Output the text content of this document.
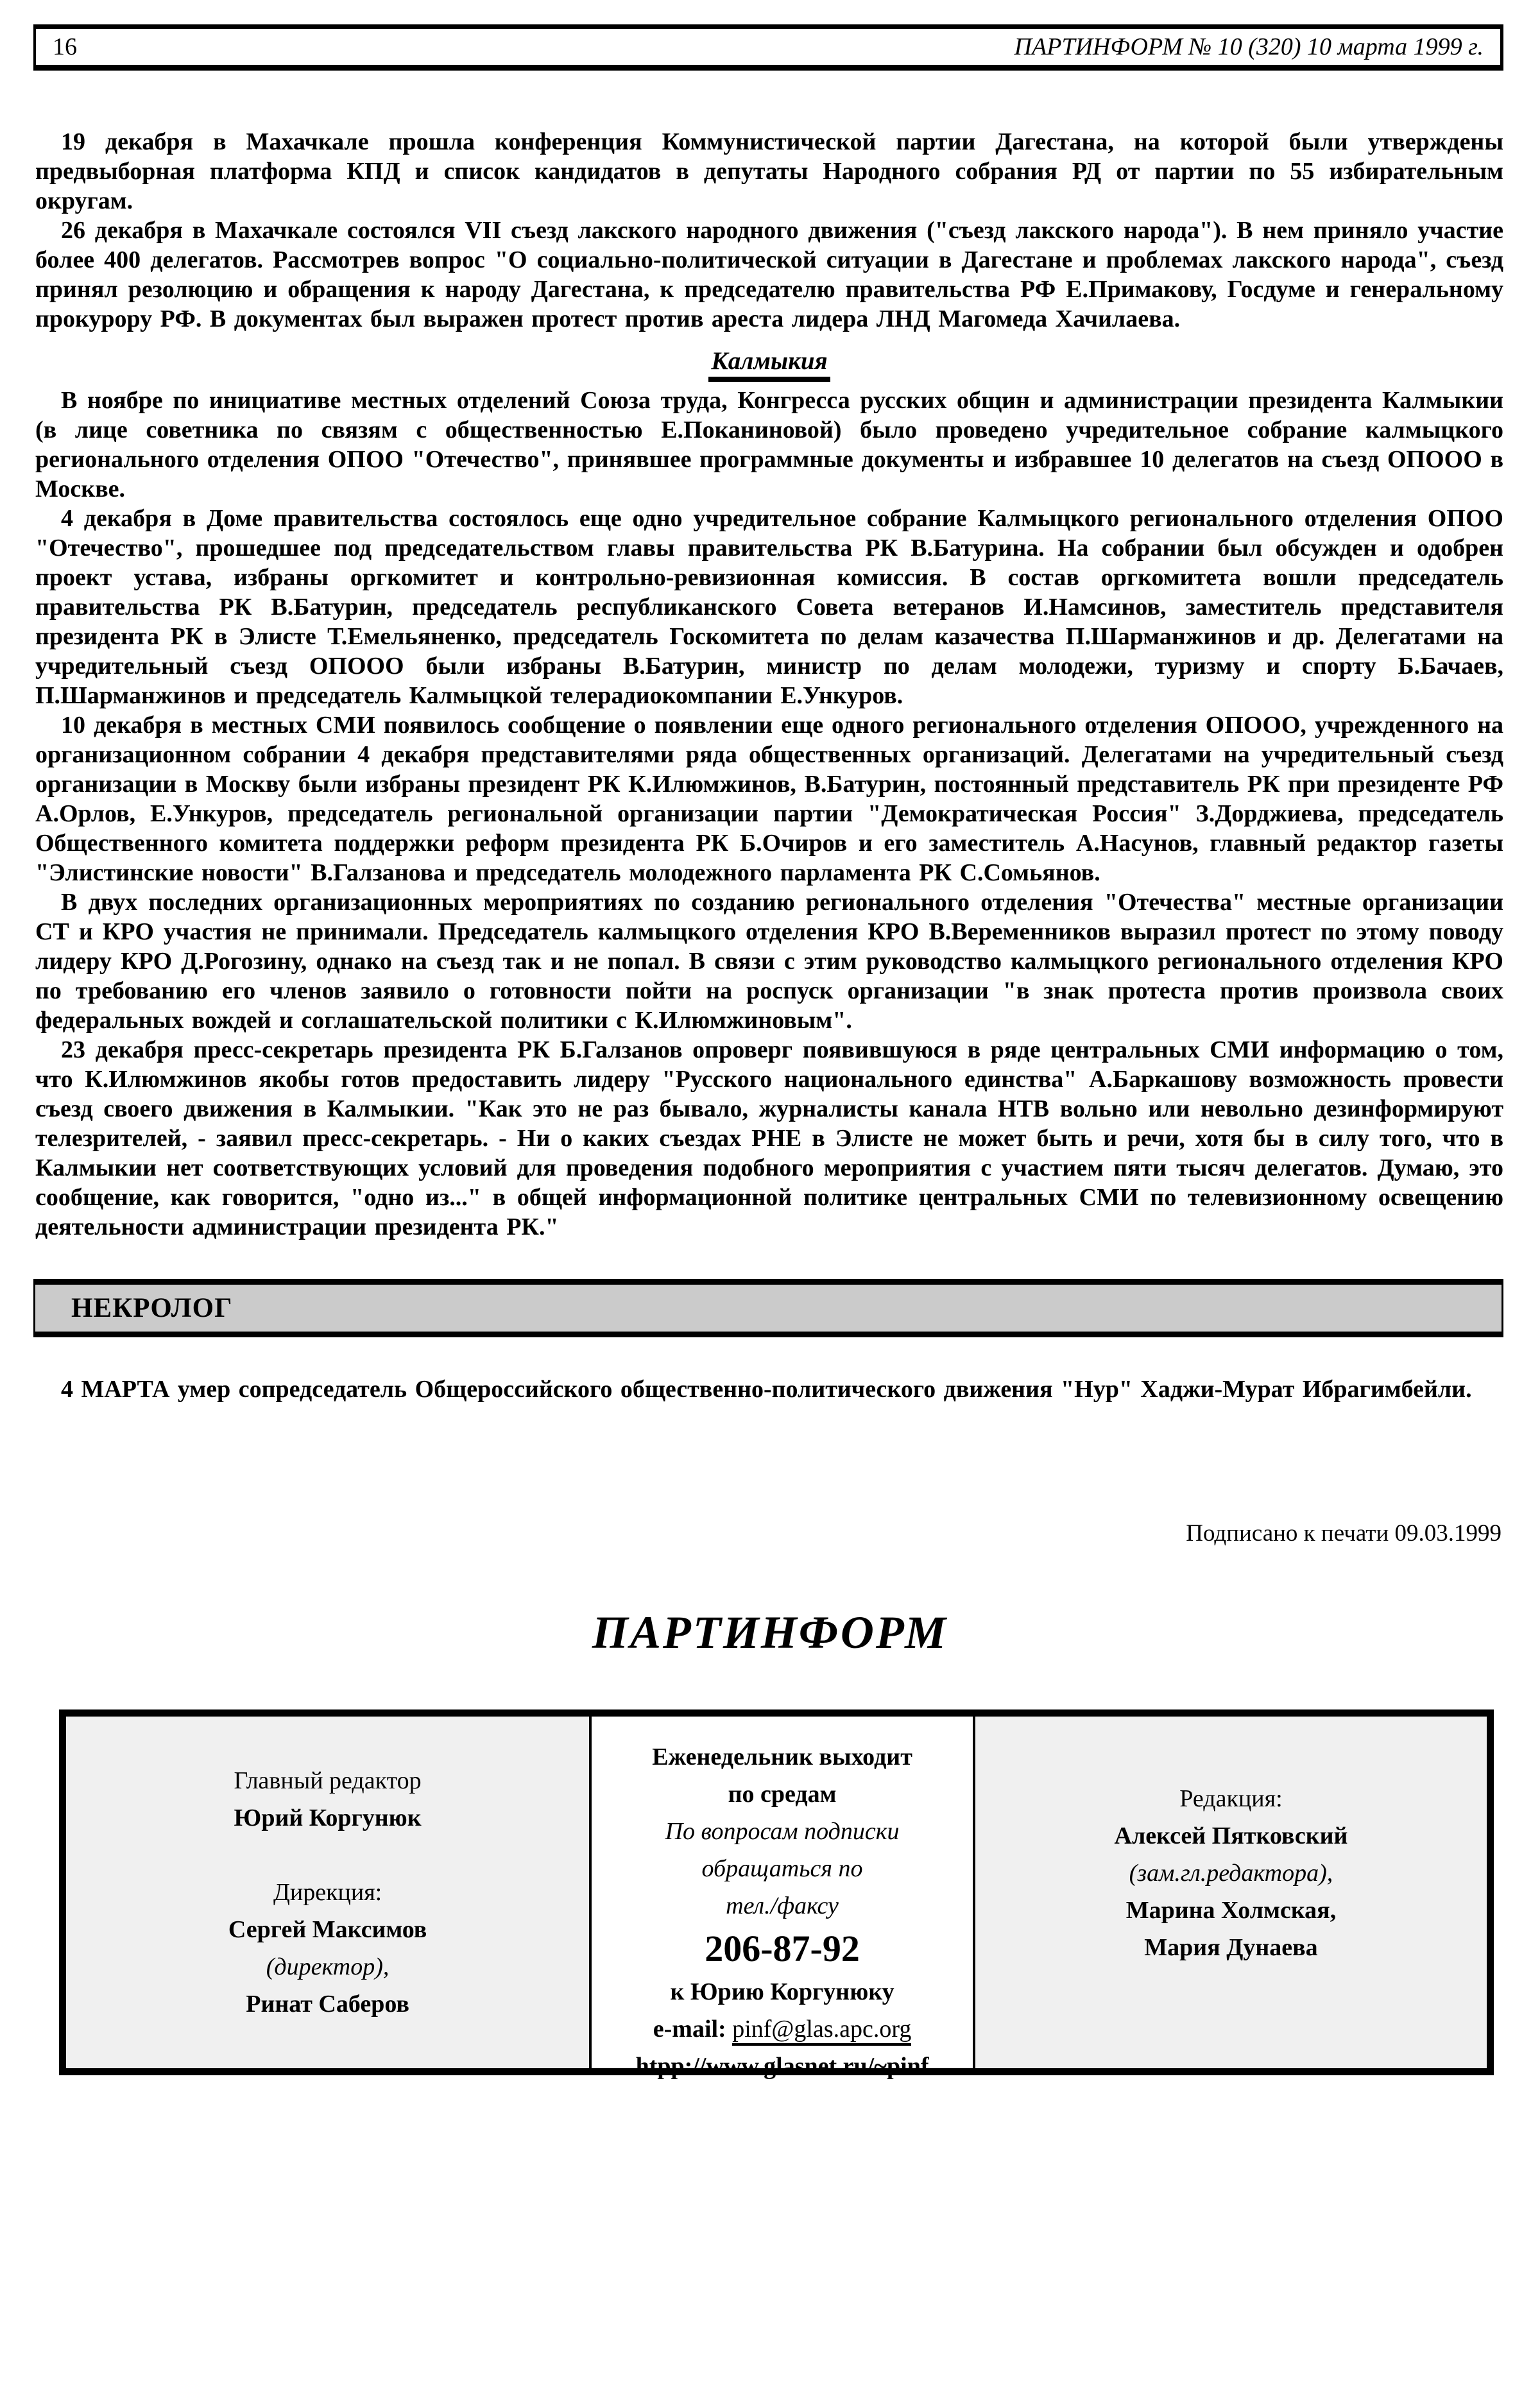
16	ПАРТИНФОРМ № 10 (320) 10 марта 1999 г.

19 декабря в Махачкале прошла конференция Коммунистической партии Дагестана, на которой были утверждены предвыборная платформа КПД и список кандидатов в депутаты Народного собрания РД от партии по 55 избирательным округам.

26 декабря в Махачкале состоялся VII съезд лакского народного движения ("съезд лакского народа"). В нем приняло участие более 400 делегатов. Рассмотрев вопрос "О социально-политической ситуации в Дагестане и проблемах лакского народа", съезд принял резолюцию и обращения к народу Дагестана, к председателю правительства РФ Е.Примакову, Госдуме и генеральному прокурору РФ. В документах был выражен протест против ареста лидера ЛНД Магомеда Хачилаева.

Калмыкия

В ноябре по инициативе местных отделений Союза труда, Конгресса русских общин и администрации президента Калмыкии (в лице советника по связям с общественностью Е.Поканиновой) было проведено учредительное собрание калмыцкого регионального отделения ОПОО "Отечество", принявшее программные документы и избравшее 10 делегатов на съезд ОПООО в Москве.

4 декабря в Доме правительства состоялось еще одно учредительное собрание Калмыцкого регионального отделения ОПОО "Отечество", прошедшее под председательством главы правительства РК В.Батурина. На собрании был обсужден и одобрен проект устава, избраны оргкомитет и контрольно-ревизионная комиссия. В состав оргкомитета вошли председатель правительства РК В.Батурин, председатель республиканского Совета ветеранов И.Намсинов, заместитель представителя президента РК в Элисте Т.Емельяненко, председатель Госкомитета по делам казачества П.Шарманжинов и др. Делегатами на учредительный съезд ОПООО были избраны В.Батурин, министр по делам молодежи, туризму и спорту Б.Бачаев, П.Шарманжинов и председатель Калмыцкой телерадиокомпании Е.Ункуров.

10 декабря в местных СМИ появилось сообщение о появлении еще одного регионального отделения ОПООО, учрежденного на организационном собрании 4 декабря представителями ряда общественных организаций. Делегатами на учредительный съезд организации в Москву были избраны президент РК К.Илюмжинов, В.Батурин, постоянный представитель РК при президенте РФ А.Орлов, Е.Ункуров, председатель региональной организации партии "Демократическая Россия" З.Дорджиева, председатель Общественного комитета поддержки реформ президента РК Б.Очиров и его заместитель А.Насунов, главный редактор газеты "Элистинские новости" В.Галзанова и председатель молодежного парламента РК С.Сомьянов.

В двух последних организационных мероприятиях по созданию регионального отделения "Отечества" местные организации СТ и КРО участия не принимали. Председатель калмыцкого отделения КРО В.Веременников выразил протест по этому поводу лидеру КРО Д.Рогозину, однако на съезд так и не попал. В связи с этим руководство калмыцкого регионального отделения КРО по требованию его членов заявило о готовности пойти на роспуск организации "в знак протеста против произвола своих федеральных вождей и соглашательской политики с К.Илюмжиновым".

23 декабря пресс-секретарь президента РК Б.Галзанов опроверг появившуюся в ряде центральных СМИ информацию о том, что К.Илюмжинов якобы готов предоставить лидеру "Русского национального единства" А.Баркашову возможность провести съезд своего движения в Калмыкии. "Как это не раз бывало, журналисты канала НТВ вольно или невольно дезинформируют телезрителей, - заявил пресс-секретарь. - Ни о каких съездах РНЕ в Элисте не может быть и речи, хотя бы в силу того, что в Калмыкии нет соответствующих условий для проведения подобного мероприятия с участием пяти тысяч делегатов. Думаю, это сообщение, как говорится, "одно из..." в общей информационной политике центральных СМИ по телевизионному освещению деятельности администрации президента РК."

НЕКРОЛОГ

4 МАРТА умер сопредседатель Общероссийского общественно-политического движения "Нур" Хаджи-Мурат Ибрагимбейли.

Подписано к печати 09.03.1999
ПАРТИНФОРМ
Главный редактор
Юрий Коргунюк
Дирекция:
Сергей Максимов
(директор),
Ринат Саберов
Еженедельник выходит
по средам
По вопросам подписки
обращаться по
тел./факсу
206-87-92
к Юрию Коргунюку
e-mail: pinf@glas.apc.org
htpp://www.glasnet.ru/~pinf
Редакция:
Алексей Пятковский
(зам.гл.редактора),
Марина Холмская,
Мария Дунаева
